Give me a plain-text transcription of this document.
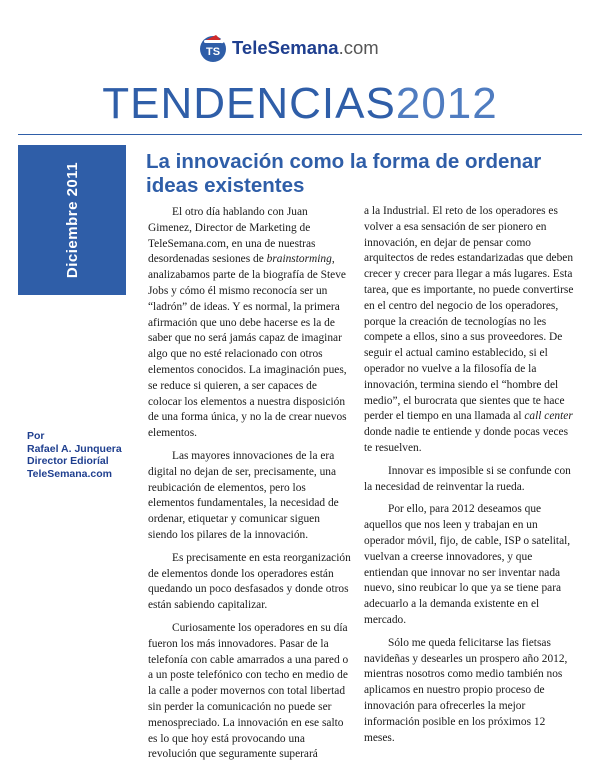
TS TeleSemana.com
TENDENCIAS2012
Diciembre 2011
Por
Rafael A. Junquera
Director Edioríal
TeleSemana.com
La innovación como la forma de ordenar ideas existentes

El otro día hablando con Juan Gimenez, Director de Marketing de TeleSemana.com, en una de nuestras desordenadas sesiones de brainstorming, analizabamos parte de la biografía de Steve Jobs y cómo él mismo reconocía ser un “ladrón” de ideas. Y es normal, la primera afirmación que uno debe hacerse es la de saber que no será jamás capaz de imaginar algo que no esté relacionado con otros elementos conocidos. La imaginación pues, se reduce si quieren, a ser capaces de colocar los elementos a nuestra disposición de una forma única, y no la de crear nuevos elementos.

Las mayores innovaciones de la era digital no dejan de ser, precisamente, una reubicación de elementos, pero los elementos fundamentales, la necesidad de ordenar, etiquetar y comunicar siguen siendo los pilares de la innovación.

Es precisamente en esta reorganización de elementos donde los operadores están quedando un poco desfasados y donde otros están sabiendo capitalizar.

Curiosamente los operadores en su día fueron los más innovadores. Pasar de la telefonía con cable amarrados a una pared o a un poste telefónico con techo en medio de la calle a poder movernos con total libertad sin perder la comunicación no puede ser menospreciado. La innovación en ese salto es lo que hoy está provocando una revolución que seguramente superará

a la Industrial. El reto de los operadores es volver a esa sensación de ser pionero en innovación, en dejar de pensar como arquitectos de redes estandarizadas que deben crecer y crecer para llegar a más lugares. Esta tarea, que es importante, no puede convertirse en el centro del negocio de los operadores, porque la creación de tecnologías no les compete a ellos, sino a sus proveedores. De seguir el actual camino establecido, si el operador no vuelve a la filosofía de la innovación, termina siendo el “hombre del medio”, el burocrata que sientes que te hace perder el tiempo en una llamada al call center donde nadie te entiende y donde pocas veces te resuelven.

Innovar es imposible si se confunde con la necesidad de reinventar la rueda.

Por ello, para 2012 deseamos que aquellos que nos leen y trabajan en un operador móvil, fijo, de cable, ISP o satelital, vuelvan a creerse innovadores, y que entiendan que innovar no ser inventar nada nuevo, sino reubicar lo que ya se tiene para adecuarlo a la demanda existente en el mercado.

Sólo me queda felicitarse las fietsas navideñas y desearles un prospero año 2012, mientras nosotros como medio también nos aplicamos en nuestro propio proceso de innovación para ofrecerles la mejor información posible en los próximos 12 meses.
